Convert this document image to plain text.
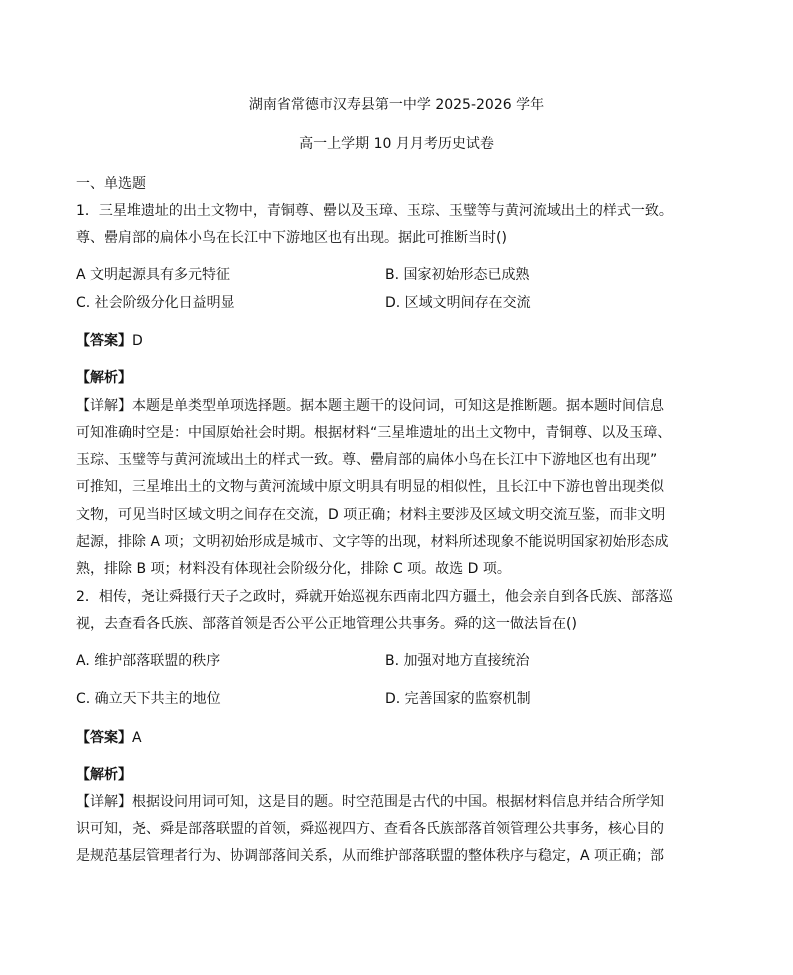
湖南省常德市汉寿县第一中学 2025-2026 学年
高一上学期 10 月月考历史试卷
一、单选题
1．三星堆遗址的出土文物中，青铜尊、罍以及玉璋、玉琮、玉璧等与黄河流域出土的样式一致。
尊、罍肩部的扁体小鸟在长江中下游地区也有出现。据此可推断当时()
A 文明起源具有多元特征	B. 国家初始形态已成熟
C. 社会阶级分化日益明显	D. 区域文明间存在交流
【答案】D
【解析】
【详解】本题是单类型单项选择题。据本题主题干的设问词，可知这是推断题。据本题时间信息
可知准确时空是：中国原始社会时期。根据材料“三星堆遗址的出土文物中，青铜尊、以及玉璋、
玉琮、玉璧等与黄河流域出土的样式一致。尊、罍肩部的扁体小鸟在长江中下游地区也有出现”
可推知，三星堆出土的文物与黄河流域中原文明具有明显的相似性，且长江中下游也曾出现类似
文物，可见当时区域文明之间存在交流，D 项正确；材料主要涉及区域文明交流互鉴，而非文明
起源，排除 A 项；文明初始形成是城市、文字等的出现，材料所述现象不能说明国家初始形态成
熟，排除 B 项；材料没有体现社会阶级分化，排除 C 项。故选 D 项。
2．相传，尧让舜摄行天子之政时，舜就开始巡视东西南北四方疆土，他会亲自到各氏族、部落巡
视，去查看各氏族、部落首领是否公平公正地管理公共事务。舜的这一做法旨在()
A. 维护部落联盟的秩序	B. 加强对地方直接统治
C. 确立天下共主的地位	D. 完善国家的监察机制
【答案】A
【解析】
【详解】根据设问用词可知，这是目的题。时空范围是古代的中国。根据材料信息并结合所学知
识可知，尧、舜是部落联盟的首领，舜巡视四方、查看各氏族部落首领管理公共事务，核心目的
是规范基层管理者行为、协调部落间关系，从而维护部落联盟的整体秩序与稳定，A 项正确；部
